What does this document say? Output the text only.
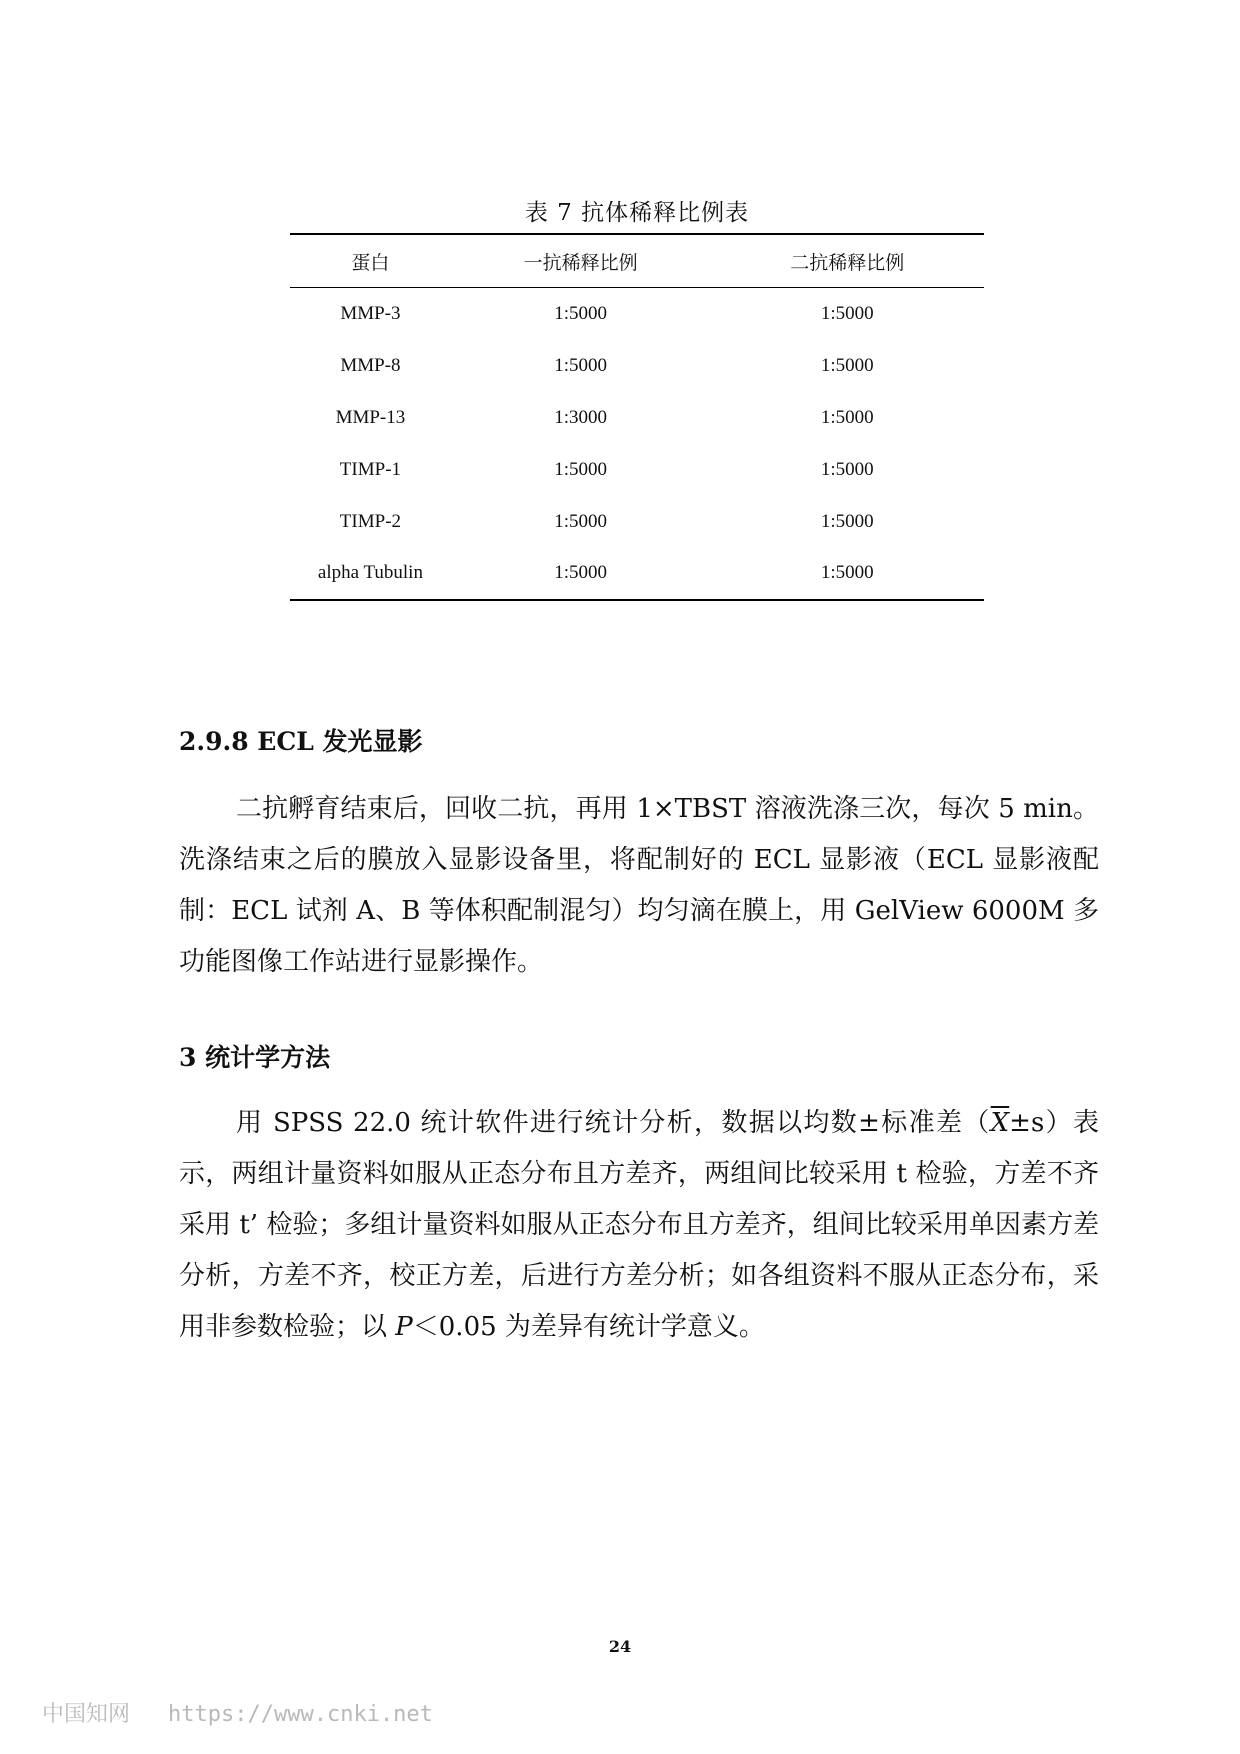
表 7 抗体稀释比例表
蛋白	一抗稀释比例	二抗稀释比例
MMP-3	1:5000	1:5000
MMP-8	1:5000	1:5000
MMP-13	1:3000	1:5000
TIMP-1	1:5000	1:5000
TIMP-2	1:5000	1:5000
alpha Tubulin	1:5000	1:5000
2.9.8 ECL 发光显影

二抗孵育结束后，回收二抗，再用 1×TBST 溶液洗涤三次，每次 5 min。洗涤结束之后的膜放入显影设备里，将配制好的 ECL 显影液（ECL 显影液配制：ECL 试剂 A、B 等体积配制混匀）均匀滴在膜上，用 GelView 6000M 多功能图像工作站进行显影操作。

3 统计学方法

用 SPSS 22.0 统计软件进行统计分析，数据以均数±标准差$(\overline{X}\pm s)$表示，两组计量资料如服从正态分布且方差齐，两组间比较采用 t 检验，方差不齐采用 t’ 检验；多组计量资料如服从正态分布且方差齐，组间比较采用单因素方差分析，方差不齐，校正方差，后进行方差分析；如各组资料不服从正态分布，采用非参数检验；以 P＜0.05 为差异有统计学意义。

24
中国知网 https://www.cnki.net
